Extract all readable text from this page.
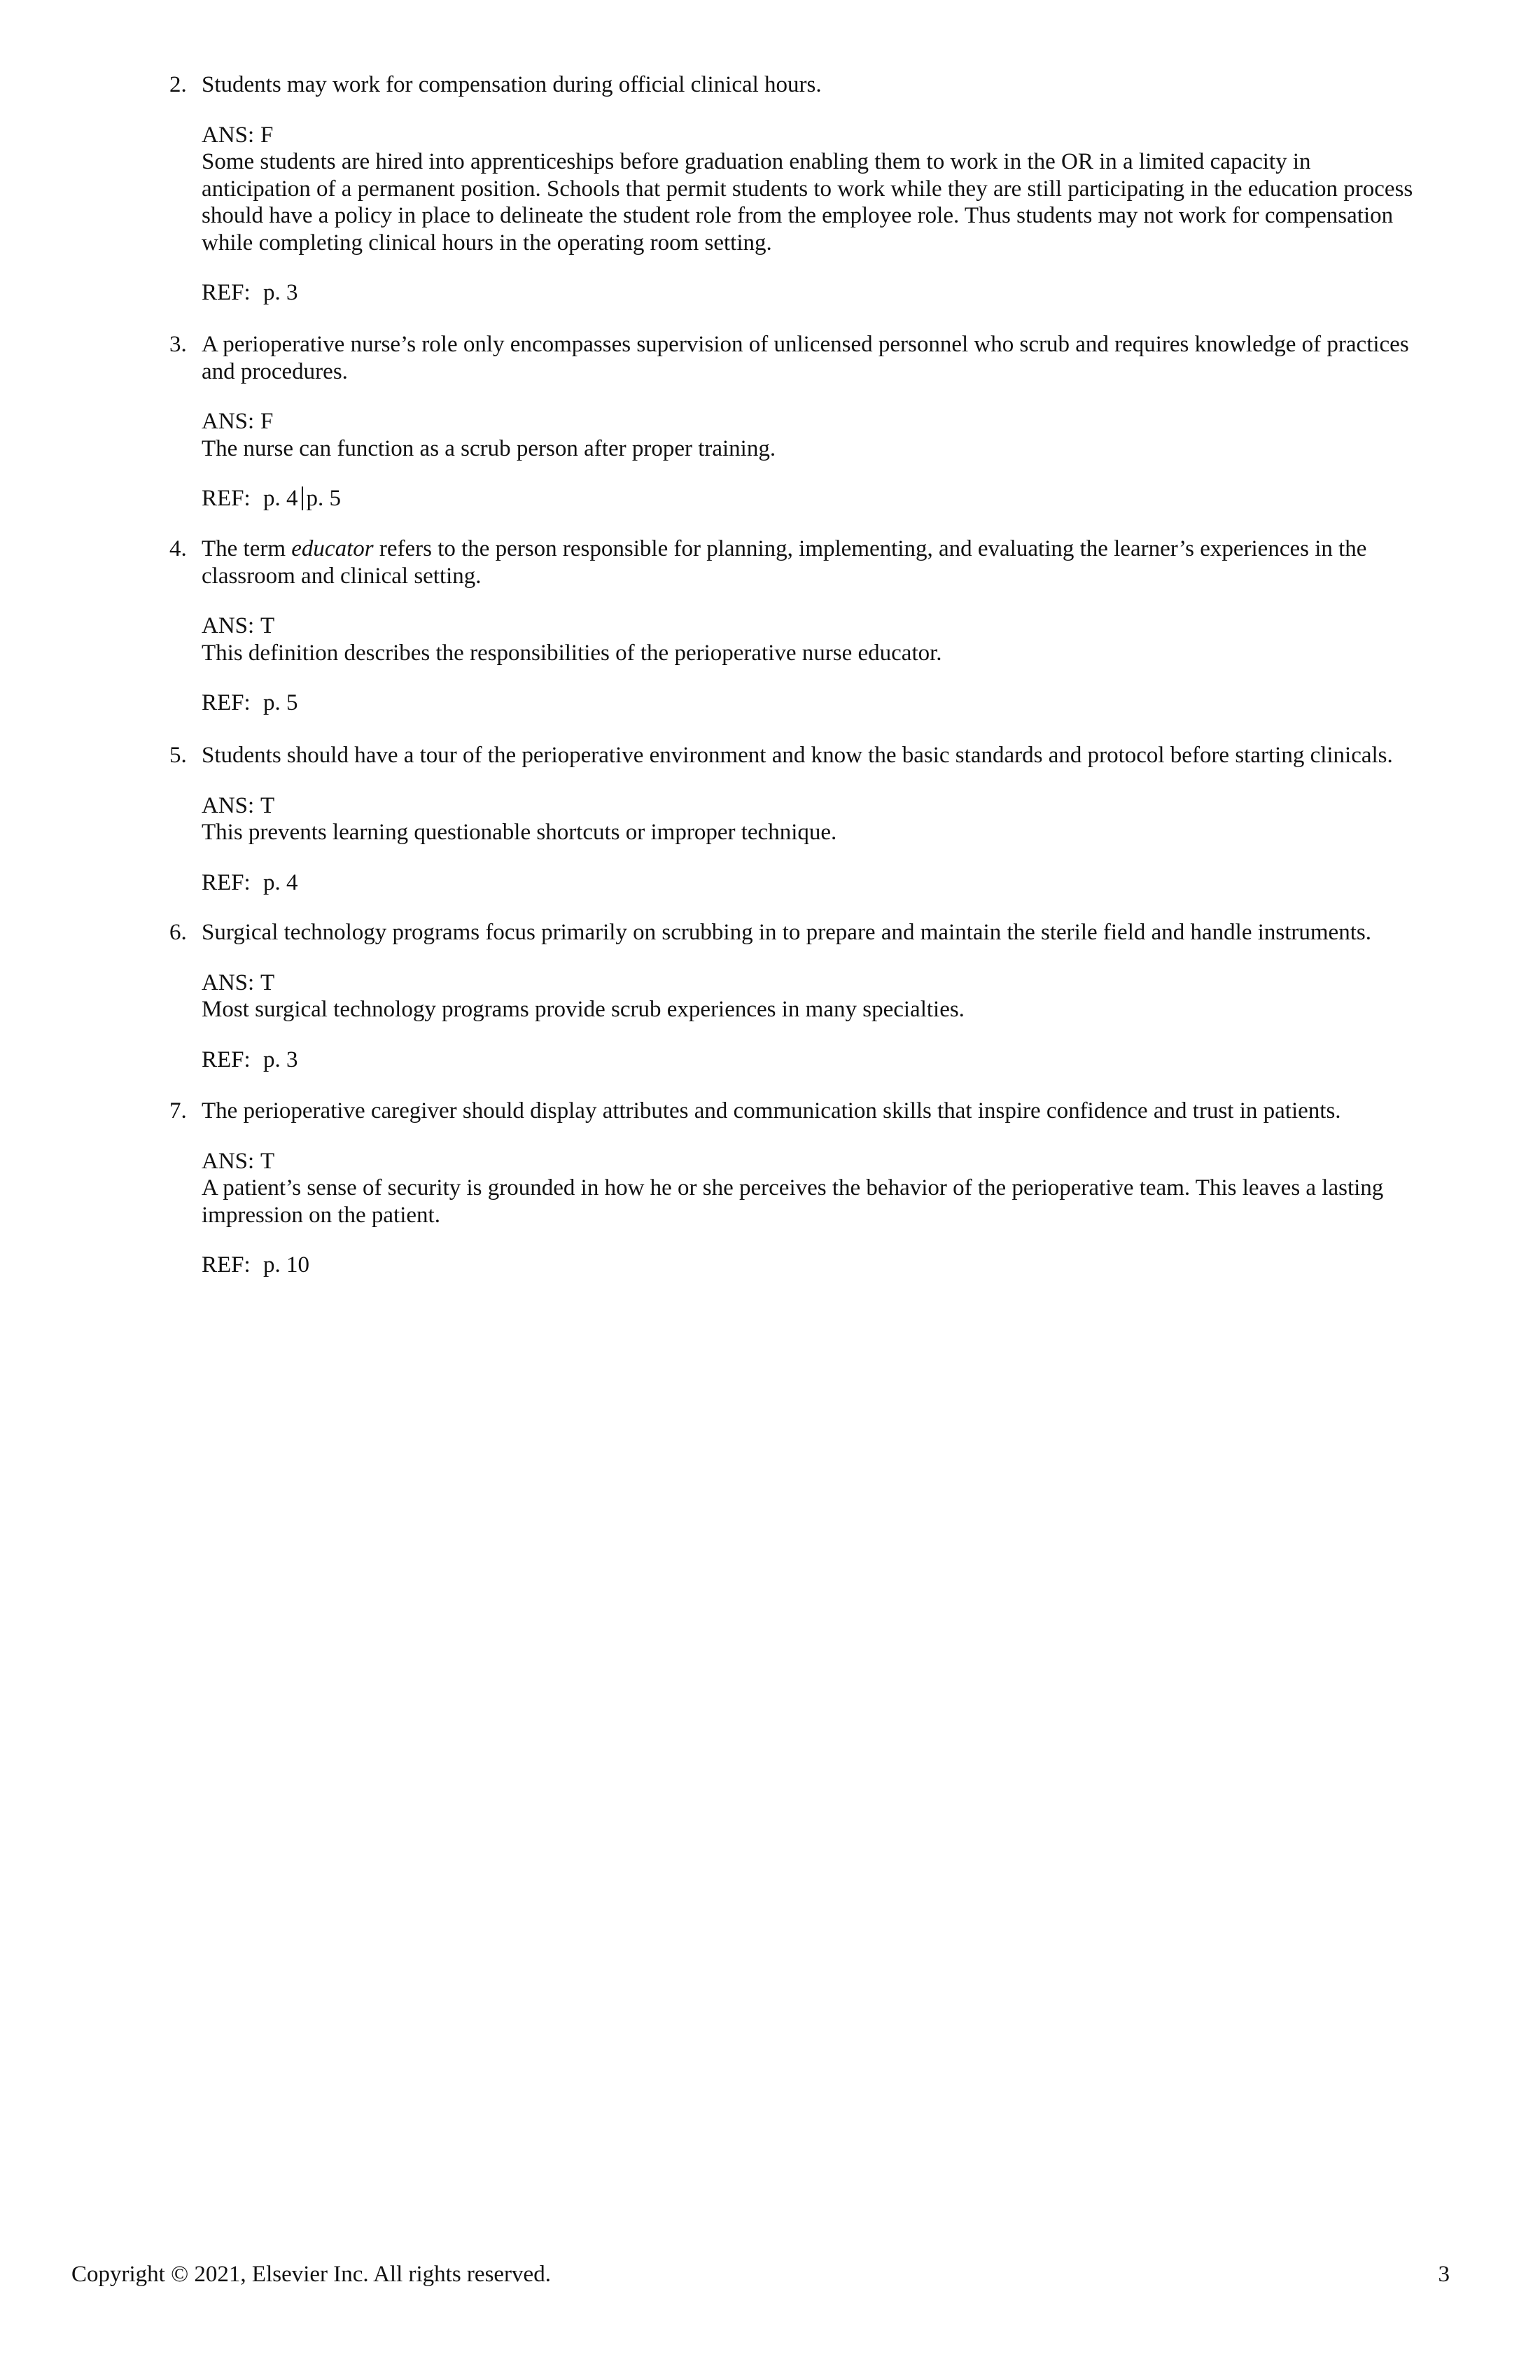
2. Students may work for compensation during official clinical hours.
ANS: F
Some students are hired into apprenticeships before graduation enabling them to work in the OR in a limited capacity in
anticipation of a permanent position. Schools that permit students to work while they are still participating in the education process
should have a policy in place to delineate the student role from the employee role. Thus students may not work for compensation
while completing clinical hours in the operating room setting.
REF: p. 3
3. A perioperative nurse’s role only encompasses supervision of unlicensed personnel who scrub and requires knowledge of practices
and procedures.
ANS: F
The nurse can function as a scrub person after proper training.
REF: p. 4 p. 5
4. The term educator refers to the person responsible for planning, implementing, and evaluating the learner’s experiences in the
classroom and clinical setting.
ANS: T
This definition describes the responsibilities of the perioperative nurse educator.
REF: p. 5
5. Students should have a tour of the perioperative environment and know the basic standards and protocol before starting clinicals.
ANS: T
This prevents learning questionable shortcuts or improper technique.
REF: p. 4
6. Surgical technology programs focus primarily on scrubbing in to prepare and maintain the sterile field and handle instruments.
ANS: T
Most surgical technology programs provide scrub experiences in many specialties.
REF: p. 3
7. The perioperative caregiver should display attributes and communication skills that inspire confidence and trust in patients.
ANS: T
A patient’s sense of security is grounded in how he or she perceives the behavior of the perioperative team. This leaves a lasting
impression on the patient.
REF: p. 10
Copyright © 2021, Elsevier Inc. All rights reserved.	3
